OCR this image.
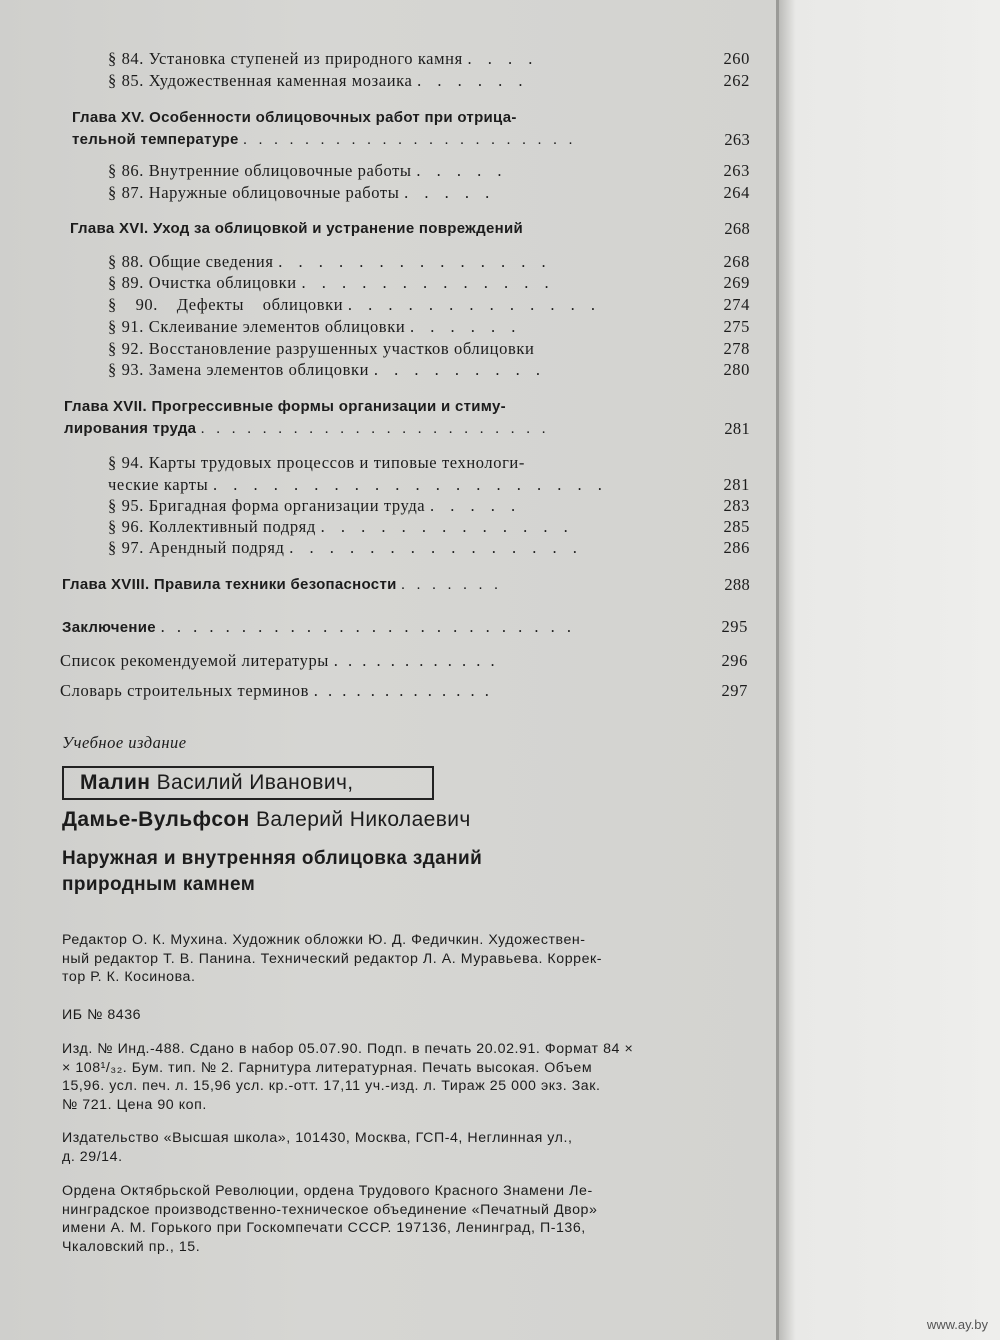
§ 84. Установка ступеней из природного камня . . . .	260
§ 85. Художественная каменная мозаика . . . . . .	262
Глава XV. Особенности облицовочных работ при отрица-
тельной температуре . . . . . . . . . . . . . . . . . . . . . .	263
§ 86. Внутренние облицовочные работы . . . . .	263
§ 87. Наружные облицовочные работы . . . . .	264
Глава XVI. Уход за облицовкой и устранение повреждений	268
§ 88. Общие сведения . . . . . . . . . . . . . .	268
§ 89. Очистка облицовки . . . . . . . . . . . . .	269
§ 90. Дефекты облицовки . . . . . . . . . . . . .	274
§ 91. Склеивание элементов облицовки . . . . . .	275
§ 92. Восстановление разрушенных участков облицовки	278
§ 93. Замена элементов облицовки . . . . . . . . .	280
Глава XVII. Прогрессивные формы организации и стиму-
лирования труда . . . . . . . . . . . . . . . . . . . . . . .	281
§ 94. Карты трудовых процессов и типовые технологи-
ческие карты . . . . . . . . . . . . . . . . . . . .	281
§ 95. Бригадная форма организации труда . . . . .	283
§ 96. Коллективный подряд . . . . . . . . . . . . .	285
§ 97. Арендный подряд . . . . . . . . . . . . . . .	286
Глава XVIII. Правила техники безопасности . . . . . . .	288
Заключение . . . . . . . . . . . . . . . . . . . . . . . . . .	295
Список рекомендуемой литературы . . . . . . . . . . . .	296
Словарь строительных терминов . . . . . . . . . . . . .	297
Учебное издание
Малин Василий Иванович,
Дамье-Вульфсон Валерий Николаевич
Наружная и внутренняя облицовка зданий
природным камнем
Редактор О. К. Мухина. Художник обложки Ю. Д. Федичкин. Художествен-
ный редактор Т. В. Панина. Технический редактор Л. А. Муравьева. Коррек-
тор Р. К. Косинова.
ИБ № 8436
Изд. № Инд.-488. Сдано в набор 05.07.90. Подп. в печать 20.02.91. Формат 84 ×
× 108¹/₃₂. Бум. тип. № 2. Гарнитура литературная. Печать высокая. Объем
15,96. усл. печ. л. 15,96 усл. кр.-отт. 17,11 уч.-изд. л. Тираж 25 000 экз. Зак.
№ 721. Цена 90 коп.
Издательство «Высшая школа», 101430, Москва, ГСП-4, Неглинная ул.,
д. 29/14.
Ордена Октябрьской Революции, ордена Трудового Красного Знамени Ле-
нинградское производственно-техническое объединение «Печатный Двор»
имени А. М. Горького при Госкомпечати СССР. 197136, Ленинград, П-136,
Чкаловский пр., 15.
www.ay.by
